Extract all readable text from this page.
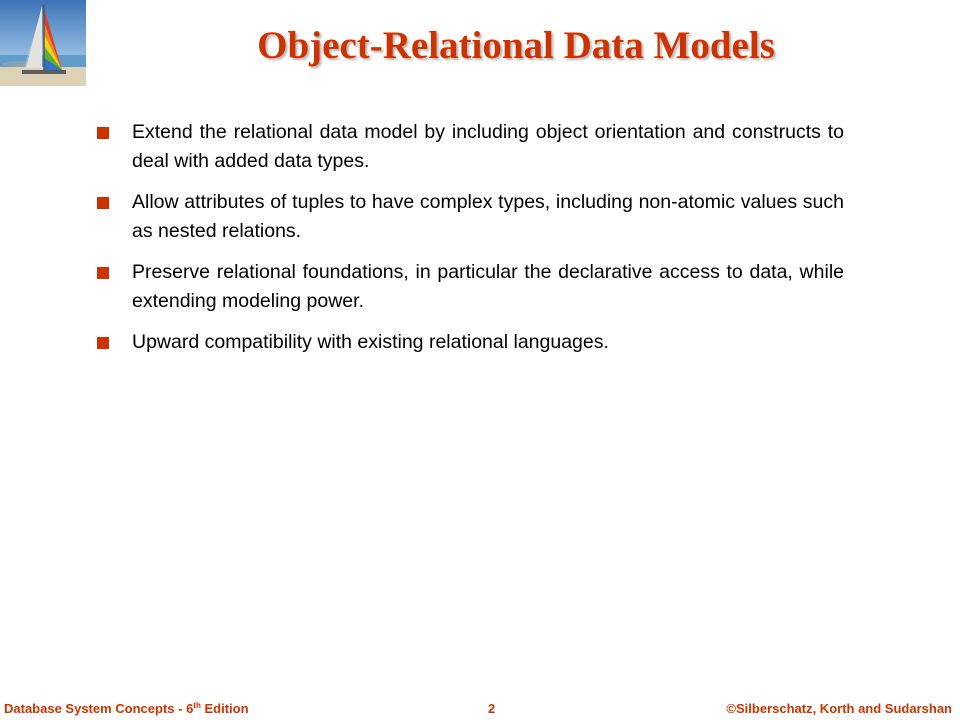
Object-Relational Data Models
Extend the relational data model by including object orientation and constructs to deal with added data types.
Allow attributes of tuples to have complex types, including non-atomic values such as nested relations.
Preserve relational foundations, in particular the declarative access to data, while extending modeling power.
Upward compatibility with existing relational languages.
Database System Concepts - 6th Edition	2	©Silberschatz, Korth and Sudarshan
